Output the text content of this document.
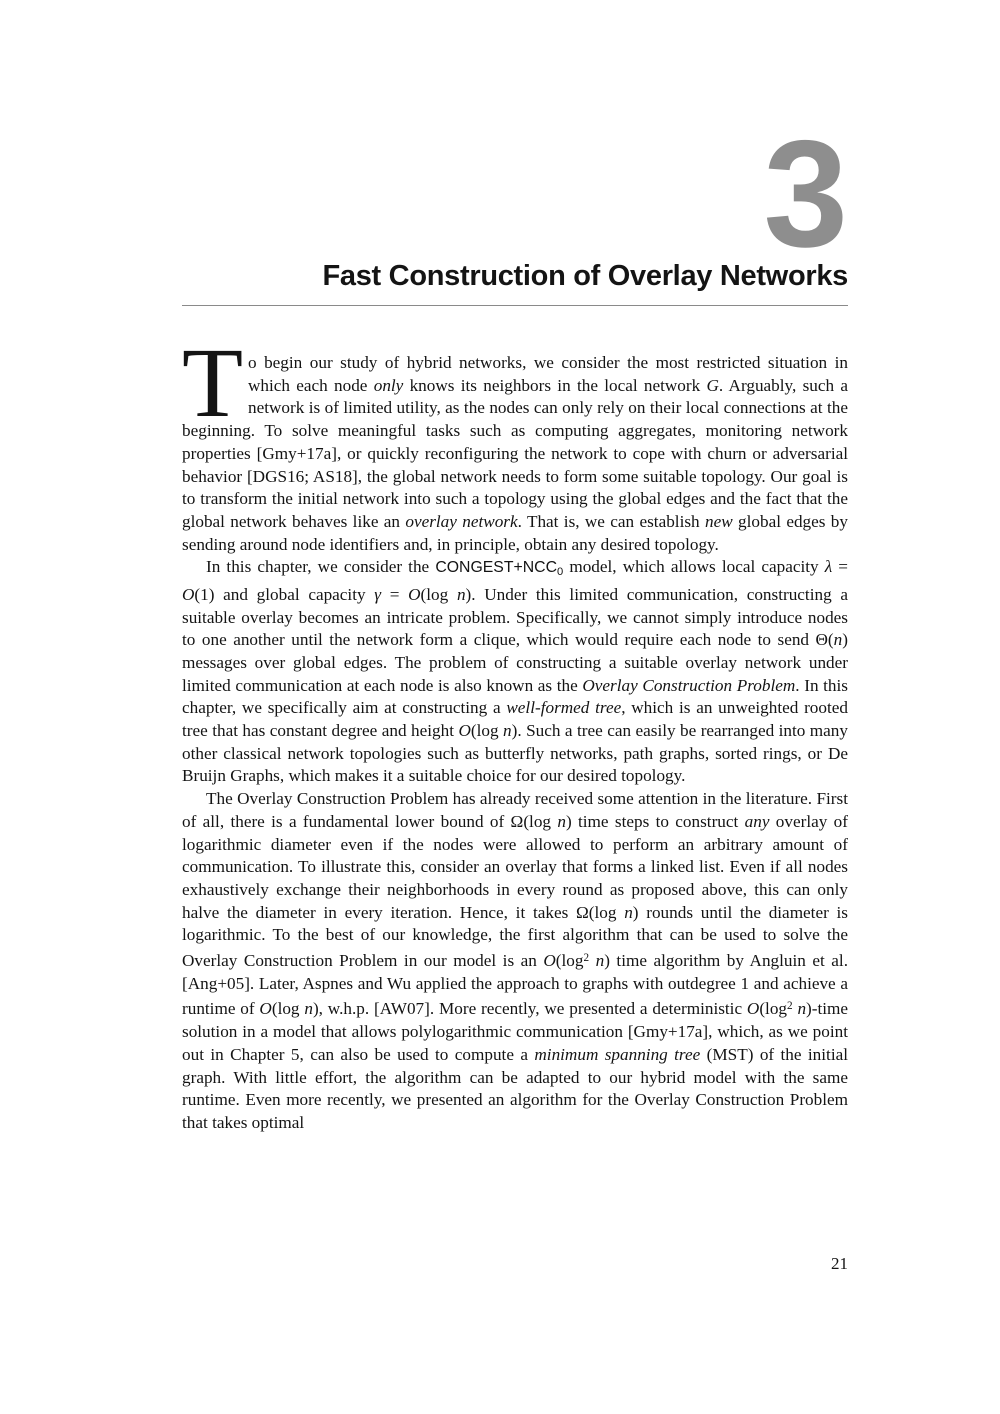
3
Fast Construction of Overlay Networks

To begin our study of hybrid networks, we consider the most restricted situation in which each node only knows its neighbors in the local network G. Arguably, such a network is of limited utility, as the nodes can only rely on their local connections at the beginning. To solve meaningful tasks such as computing aggregates, monitoring network properties [Gmy+17a], or quickly reconfiguring the network to cope with churn or adversarial behavior [DGS16; AS18], the global network needs to form some suitable topology. Our goal is to transform the initial network into such a topology using the global edges and the fact that the global network behaves like an overlay network. That is, we can establish new global edges by sending around node identifiers and, in principle, obtain any desired topology.

In this chapter, we consider the CONGEST+NCC0 model, which allows local capacity λ = O(1) and global capacity γ = O(log n). Under this limited communication, constructing a suitable overlay becomes an intricate problem. Specifically, we cannot simply introduce nodes to one another until the network form a clique, which would require each node to send Θ(n) messages over global edges. The problem of constructing a suitable overlay network under limited communication at each node is also known as the Overlay Construction Problem. In this chapter, we specifically aim at constructing a well-formed tree, which is an unweighted rooted tree that has constant degree and height O(log n). Such a tree can easily be rearranged into many other classical network topologies such as butterfly networks, path graphs, sorted rings, or De Bruijn Graphs, which makes it a suitable choice for our desired topology.

The Overlay Construction Problem has already received some attention in the literature. First of all, there is a fundamental lower bound of Ω(log n) time steps to construct any overlay of logarithmic diameter even if the nodes were allowed to perform an arbitrary amount of communication. To illustrate this, consider an overlay that forms a linked list. Even if all nodes exhaustively exchange their neighborhoods in every round as proposed above, this can only halve the diameter in every iteration. Hence, it takes Ω(log n) rounds until the diameter is logarithmic. To the best of our knowledge, the first algorithm that can be used to solve the Overlay Construction Problem in our model is an $O(\log^2$ n) time algorithm by Angluin et al. [Ang+05]. Later, Aspnes and Wu applied the approach to graphs with outdegree 1 and achieve a runtime of O(log n), w.h.p. [AW07]. More recently, we presented a deterministic $O(\log^2$ n)-time solution in a model that allows polylogarithmic communication [Gmy+17a], which, as we point out in Chapter 5, can also be used to compute a minimum spanning tree (MST) of the initial graph. With little effort, the algorithm can be adapted to our hybrid model with the same runtime. Even more recently, we presented an algorithm for the Overlay Construction Problem that takes optimal

21
